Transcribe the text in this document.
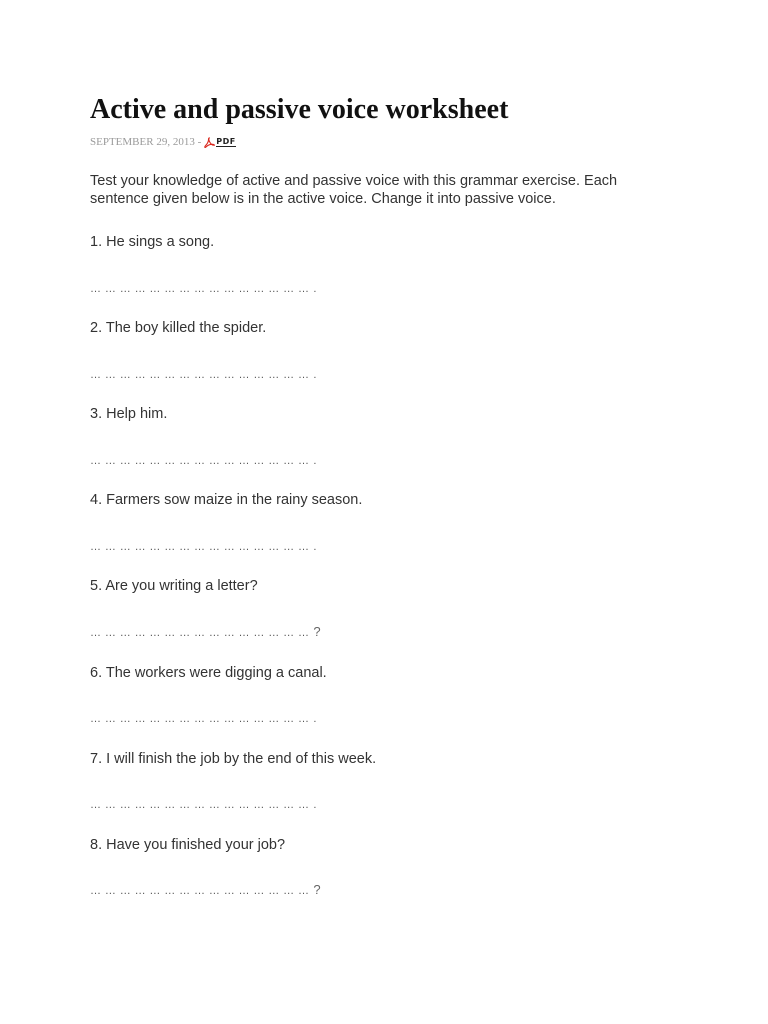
Active and passive voice worksheet
SEPTEMBER 29, 2013 - PDF

Test your knowledge of active and passive voice with this grammar exercise. Each sentence given below is in the active voice. Change it into passive voice.

1. He sings a song.

… … … … … … … … … … … … … … … .

2. The boy killed the spider.

… … … … … … … … … … … … … … … .

3. Help him.

… … … … … … … … … … … … … … … .

4. Farmers sow maize in the rainy season.

… … … … … … … … … … … … … … … .

5. Are you writing a letter?

… … … … … … … … … … … … … … … ?

6. The workers were digging a canal.

… … … … … … … … … … … … … … … .

7. I will finish the job by the end of this week.

… … … … … … … … … … … … … … … .

8. Have you finished your job?

… … … … … … … … … … … … … … … ?
